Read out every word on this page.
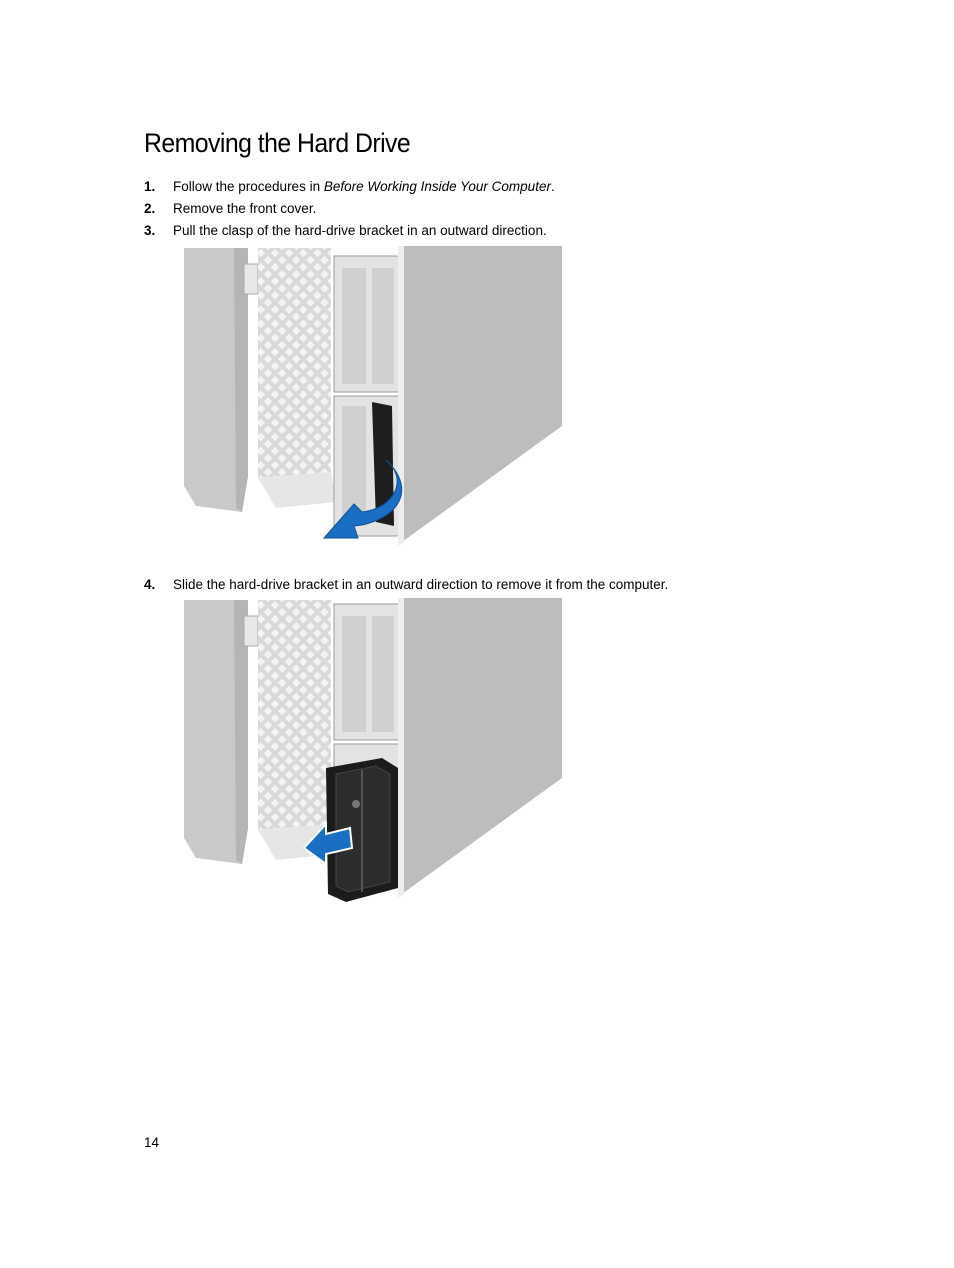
Removing the Hard Drive
1. Follow the procedures in Before Working Inside Your Computer.
2. Remove the front cover.
3. Pull the clasp of the hard-drive bracket in an outward direction.
4. Slide the hard-drive bracket in an outward direction to remove it from the computer.
14
